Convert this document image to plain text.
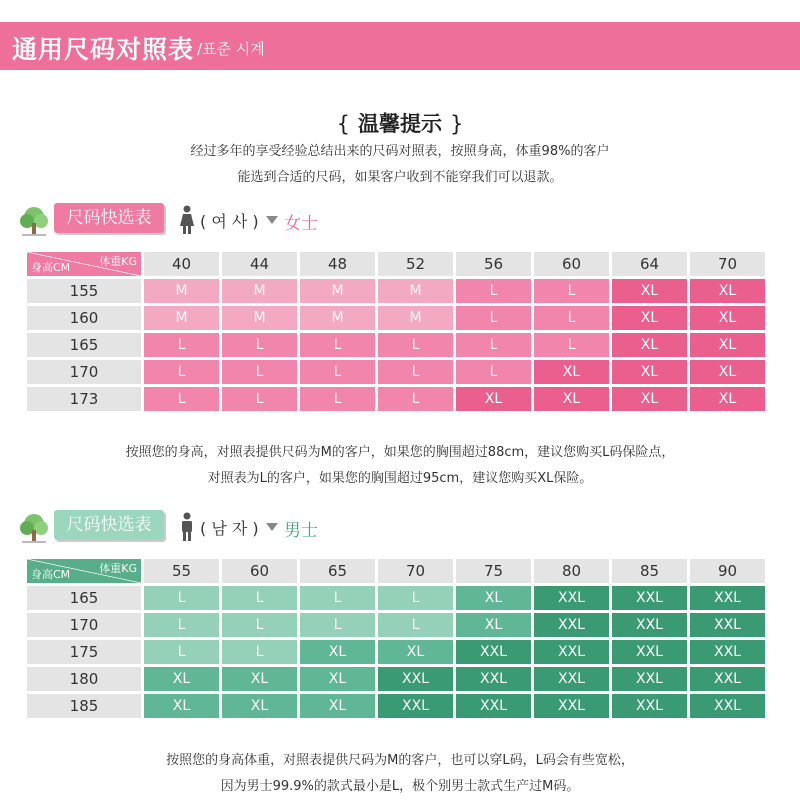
通用尺码对照表 /표준 시계
{ 温馨提示 }
经过多年的享受经验总结出来的尺码对照表，按照身高，体重98%的客户
能选到合适的尺码，如果客户收到不能穿我们可以退款。
尺码快选表	( 여 사 ) 女士
体重KG
身高CM	40	44	48	52	56	60	64	70
155	M	M	M	M	L	L	XL	XL
160	M	M	M	M	L	L	XL	XL
165	L	L	L	L	L	L	XL	XL
170	L	L	L	L	L	XL	XL	XL
173	L	L	L	L	XL	XL	XL	XL
按照您的身高，对照表提供尺码为M的客户，如果您的胸围超过88cm，建议您购买L码保险点，
对照表为L的客户，如果您的胸围超过95cm，建议您购买XL保险。
尺码快选表	( 남 자 ) 男士
体重KG
身高CM	55	60	65	70	75	80	85	90
165	L	L	L	L	XL	XXL	XXL	XXL
170	L	L	L	L	XL	XXL	XXL	XXL
175	L	L	XL	XL	XXL	XXL	XXL	XXL
180	XL	XL	XL	XXL	XXL	XXL	XXL	XXL
185	XL	XL	XL	XXL	XXL	XXL	XXL	XXL
按照您的身高体重，对照表提供尺码为M的客户，也可以穿L码，L码会有些宽松，
因为男士99.9%的款式最小是L，极个别男士款式生产过M码。
